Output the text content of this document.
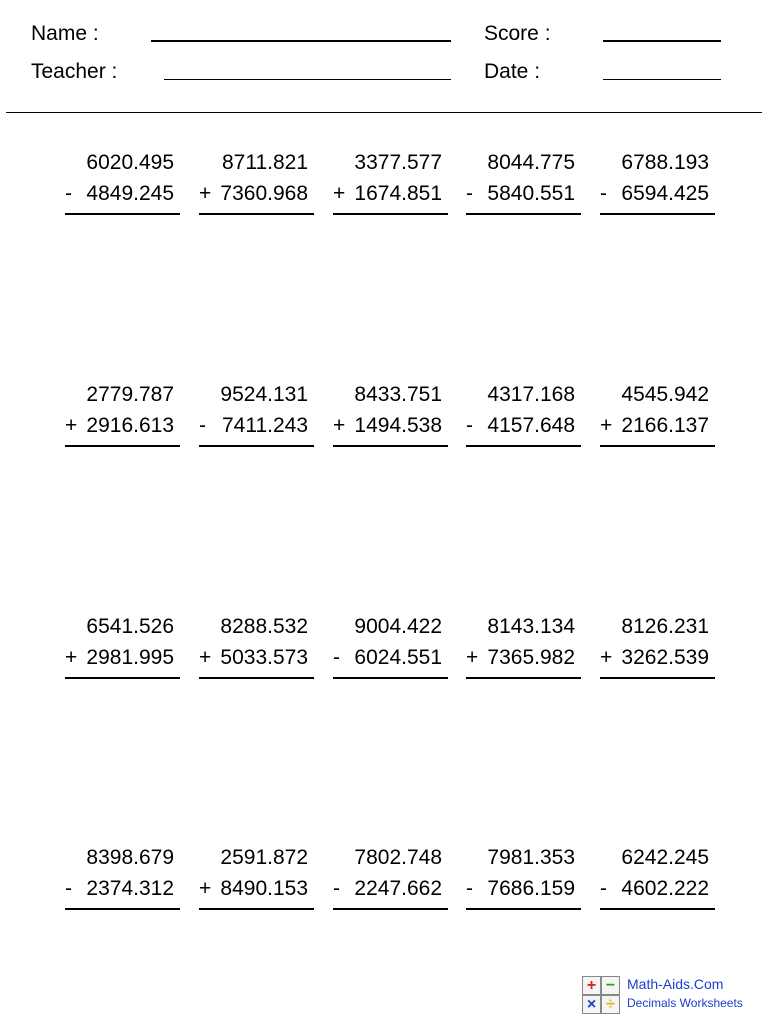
Name :
Teacher :
Score :
Date :
6020.495
- 4849.245
8711.821
+ 7360.968
3377.577
+ 1674.851
8044.775
- 5840.551
6788.193
- 6594.425
2779.787
+ 2916.613
9524.131
- 7411.243
8433.751
+ 1494.538
4317.168
- 4157.648
4545.942
+ 2166.137
6541.526
+ 2981.995
8288.532
+ 5033.573
9004.422
- 6024.551
8143.134
+ 7365.982
8126.231
+ 3262.539
8398.679
- 2374.312
2591.872
+ 8490.153
7802.748
- 2247.662
7981.353
- 7686.159
6242.245
- 4602.222
+ −
× ÷
Math-Aids.Com
Decimals Worksheets
